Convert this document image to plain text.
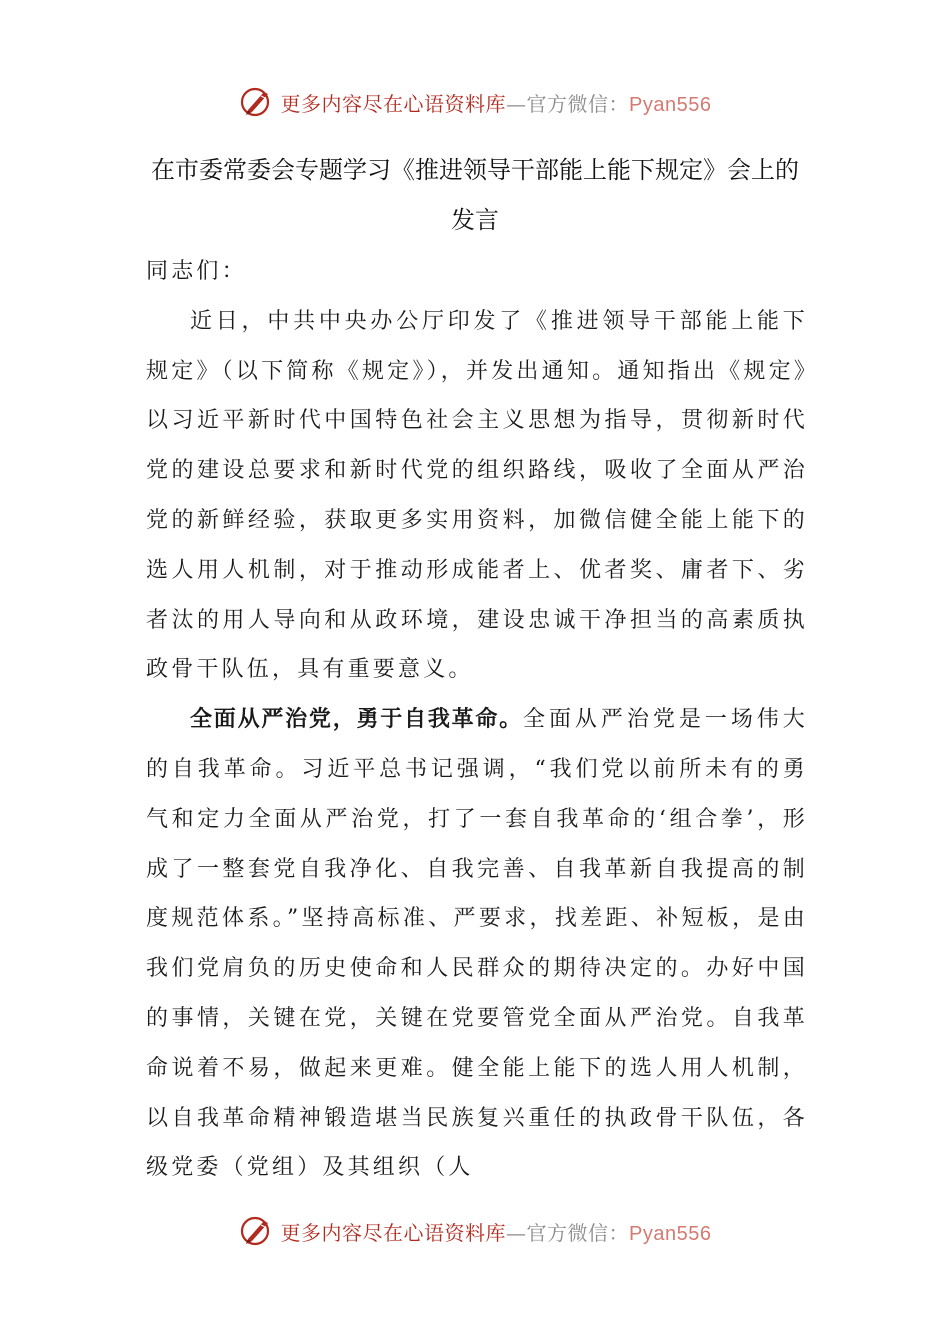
更多内容尽在心语资料库—官方微信：Pyan556
在市委常委会专题学习《推进领导干部能上能下规定》会上的发言

同志们：

近日，中共中央办公厅印发了《推进领导干部能上能下规定》（以下简称《规定》），并发出通知。通知指出《规定》以习近平新时代中国特色社会主义思想为指导，贯彻新时代党的建设总要求和新时代党的组织路线，吸收了全面从严治党的新鲜经验，获取更多实用资料，加微信健全能上能下的选人用人机制，对于推动形成能者上、优者奖、庸者下、劣者汰的用人导向和从政环境，建设忠诚干净担当的高素质执政骨干队伍，具有重要意义。

全面从严治党，勇于自我革命。全面从严治党是一场伟大的自我革命。习近平总书记强调，“我们党以前所未有的勇气和定力全面从严治党，打了一套自我革命的‘组合拳’，形成了一整套党自我净化、自我完善、自我革新自我提高的制度规范体系。”坚持高标准、严要求，找差距、补短板，是由我们党肩负的历史使命和人民群众的期待决定的。办好中国的事情，关键在党，关键在党要管党全面从严治党。自我革命说着不易，做起来更难。健全能上能下的选人用人机制，以自我革命精神锻造堪当民族复兴重任的执政骨干队伍，各级党委（党组）及其组织（人

更多内容尽在心语资料库—官方微信：Pyan556
